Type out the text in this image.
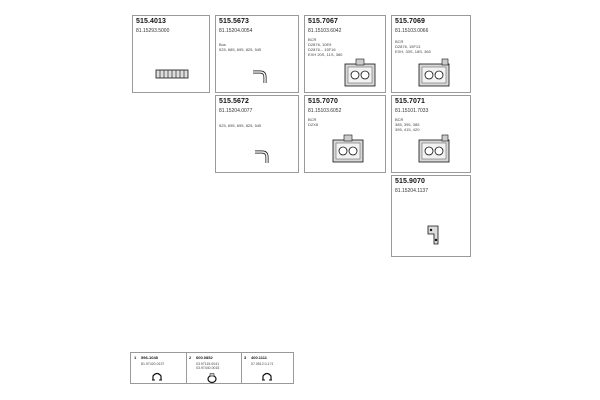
515.4013
81.15293.5000
515.5673
81.15204.0054
Bus
525, 685, 695, 825, 545
515.7067
81.15103.6042
BCR
D2876, 10E9
D2876... 15F16
EXH 20S, 11S, 360
515.7069
81.15103.0066
BCR
D2876, 15F13
EXH, 33S, 18S, 360
515.5672
81.15204.0077
525, 695, 695, 825, 545
515.7070
81.15103.6052
BCR
D2X8
515.7071
81.15101.7033
BCR
385, 395, 385
395, 415, 420
515.9070
81.15204.1137
1 596-1048
81.97420.0137
2 600.0852
03.97115.0041
03.97440.0015
3 400.1111
07.0512.0.1?1
